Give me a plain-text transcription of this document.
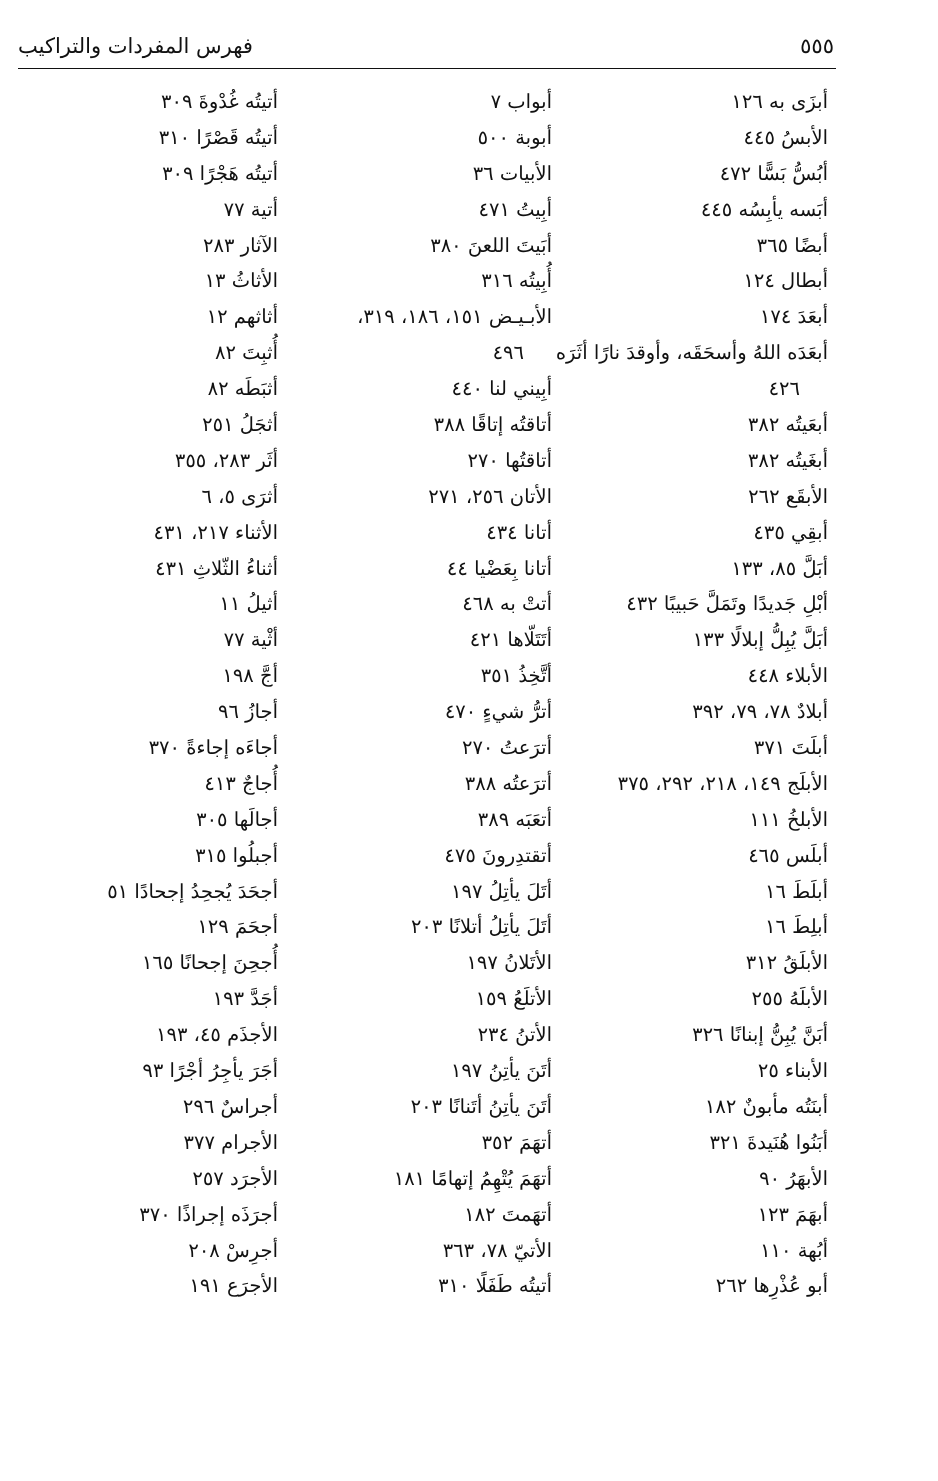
٥٥٥
فهرس المفردات والتراكيب
أبزَى به ١٢٦
الأبسُ ٤٤٥
أبُسُّ بَسًّا ٤٧٢
أبَسه يأبِسُه ٤٤٥
أبضًا ٣٦٥
أبطال ١٢٤
أبعَدَ ١٧٤
أبعَدَه اللهُ وأسحَقَه، وأوقدَ نارًا أثَرَه
٤٢٦
أبعَيتُه ٣٨٢
أبغَيتُه ٣٨٢
الأبقَع ٢٦٢
أبقِي ٤٣٥
أبَلَّ ٨٥، ١٣٣
أبْلِ جَديدًا وتَمَلَّ حَبيبًا ٤٣٢
أبَلَّ يُبِلُّ إبلالًا ١٣٣
الأبلاء ٤٤٨
أبلادٌ ٧٨، ٧٩، ٣٩٢
أبلَتَ ٣٧١
الأبلَج ١٤٩، ٢١٨، ٢٩٢، ٣٧٥
الأبلخُ ١١١
أبلَس ٤٦٥
أبلَطَ ١٦
أبلِطَ ١٦
الأبلَقُ ٣١٢
الأبلَهُ ٢٥٥
أبَنَّ يُبِنُّ إبنانًا ٣٢٦
الأبناء ٢٥
أبنَتُه مأبونٌ ١٨٢
أبَنُوا هُنَيدةَ ٣٢١
الأبهَرُ ٩٠
أبهَمَ ١٢٣
أبُهة ١١٠
أبو عُذْرِها ٢٦٢
أبواب ٧
أبوبة ٥٠٠
الأبيات ٣٦
أبِيتُ ٤٧١
أبَيتَ اللعنَ ٣٨٠
أُبِيتُه ٣١٦
الأبـيـض ١٥١، ١٨٦، ٣١٩،
٤٩٦
أبِيني لنا ٤٤٠
أتاقتُه إتاقًا ٣٨٨
أتاقتُها ٢٧٠
الأتان ٢٥٦، ٢٧١
أتانا ٤٣٤
أتانا بِعَضْيا ٤٤
أتتْ به ٤٦٨
أتَتَلّاها ٤٢١
أتَّخِذُ ٣٥١
أترُّ شيءٍ ٤٧٠
أترَعتُ ٢٧٠
أترَعتُه ٣٨٨
أتعَبَه ٣٨٩
أتقتدِرونَ ٤٧٥
أتَلَ يأتِلُ ١٩٧
أتَلَ يأتِلُ أتلانًا ٢٠٣
الأتَلانُ ١٩٧
الأتلَعُ ١٥٩
الأتنُ ٢٣٤
أتَنَ يأتِنُ ١٩٧
أتَنَ يأتِنُ أتَنانًا ٢٠٣
أتهَمَ ٣٥٢
أتهَمَ يُتْهِمُ إتهامًا ١٨١
أتهَمتَ ١٨٢
الأتيّ ٧٨، ٣٦٣
أتيتُه طَفَلًا ٣١٠
أتيتُه غُدْوةَ ٣٠٩
أتيتُه قَصْرًا ٣١٠
أتيتُه هَجْرًا ٣٠٩
أتية ٧٧
الآثار ٢٨٣
الأثاثُ ١٣
أثاثهم ١٢
أُثبِتَ ٨٢
أثبَطَه ٨٢
أثجَلُ ٢٥١
أثَر ٢٨٣، ٣٥٥
أثرَى ٥، ٦
الأثناء ٢١٧، ٤٣١
أثناءُ الثّلاثِ ٤٣١
أثيلُ ١١
أثْية ٧٧
أجَّ ١٩٨
أجازُ ٩٦
أجاءَه إجاءةً ٣٧٠
أُجاجٌ ٤١٣
أجالَها ٣٠٥
أجبلُوا ٣١٥
أجحَدَ يُجحِدُ إجحادًا ٥١
أجحَمَ ١٢٩
أُجحِنَ إجحانًا ١٦٥
أجَدَّ ١٩٣
الأجذَم ٤٥، ١٩٣
أجَرَ يأجِرُ أجْرًا ٩٣
أجراسٌ ٢٩٦
الأجرام ٣٧٧
الأجرَد ٢٥٧
أجرَذَه إجراذًا ٣٧٠
أجرِسْ ٢٠٨
الأجرَع ١٩١
